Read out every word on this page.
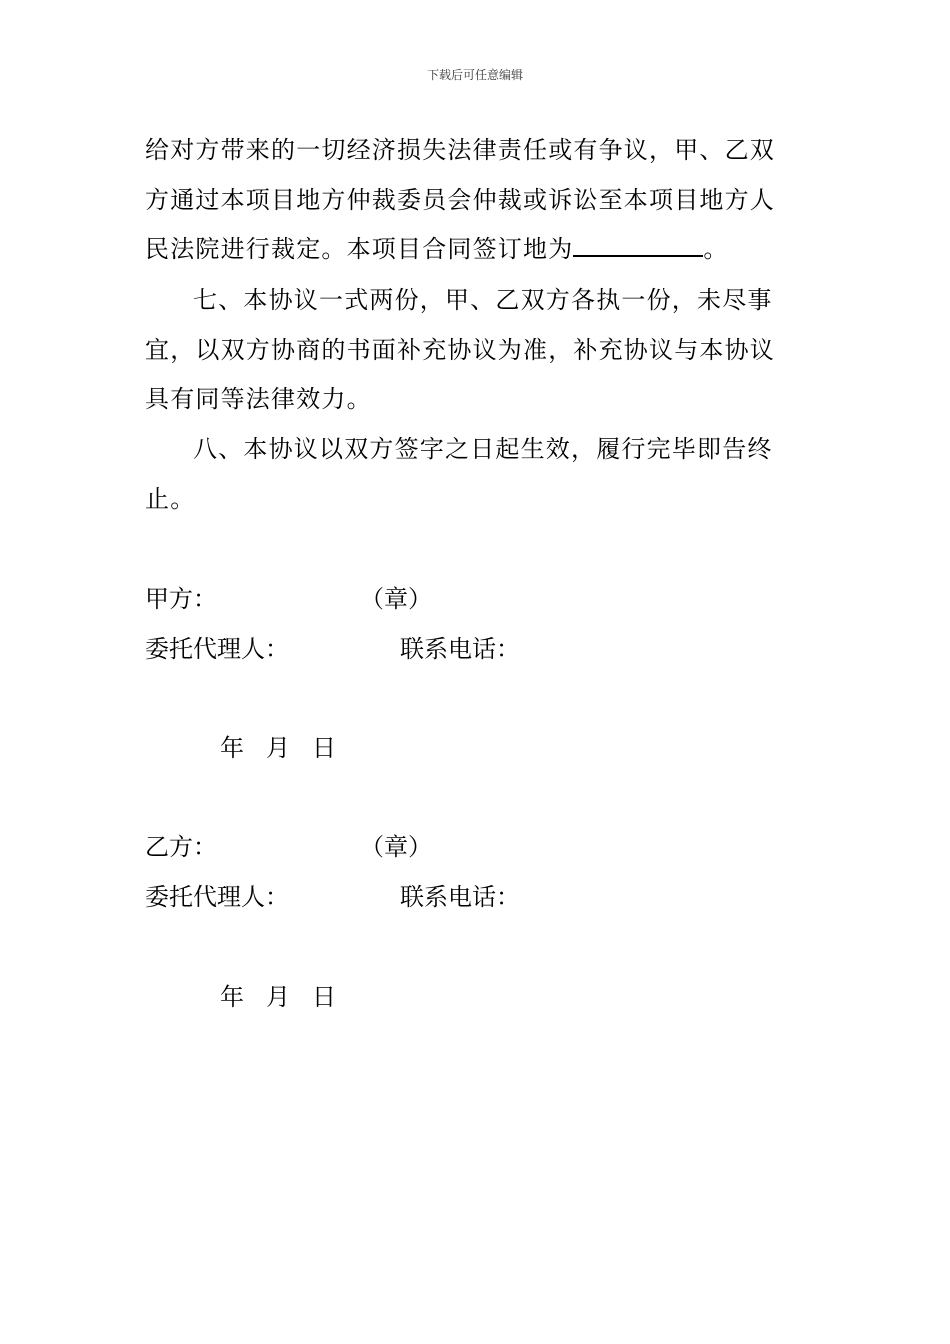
下载后可任意编辑
给对方带来的一切经济损失法律责任或有争议，甲、乙双
方通过本项目地方仲裁委员会仲裁或诉讼至本项目地方人
民法院进行裁定。本项目合同签订地为	。
七、本协议一式两份，甲、乙双方各执一份，未尽事
宜，以双方协商的书面补充协议为准，补充协议与本协议
具有同等法律效力。
八、本协议以双方签字之日起生效，履行完毕即告终
止。
甲方：	（章）
委托代理人：	联系电话：
年 月 日
乙方：	（章）
委托代理人：	联系电话：
年 月 日
